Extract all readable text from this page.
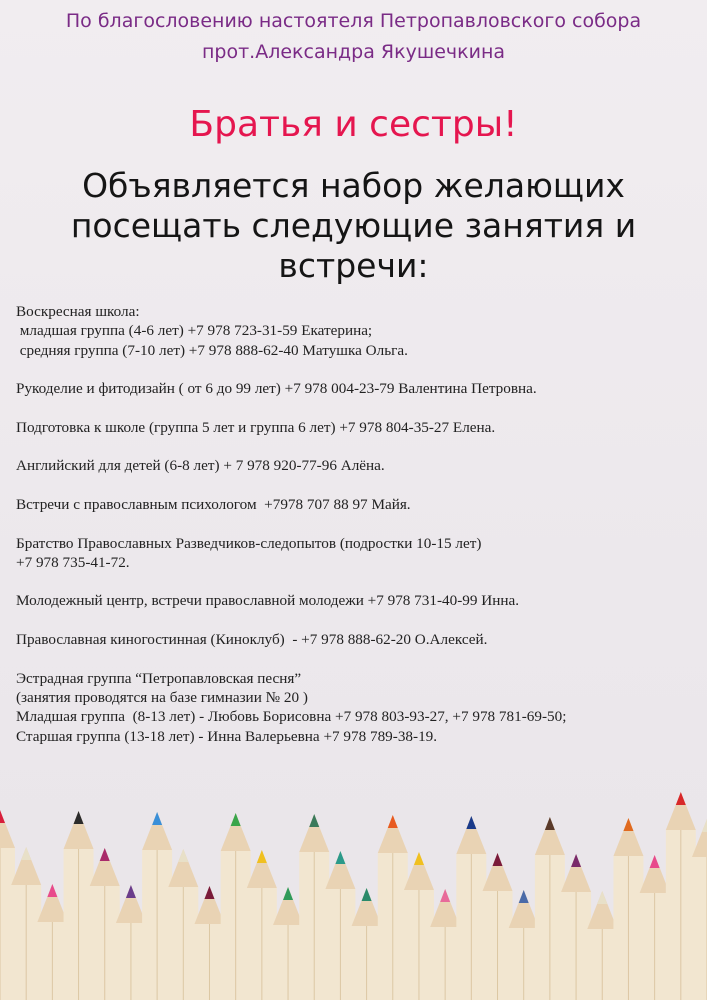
По благословению настоятеля Петропавловского собора
прот.Александра Якушечкина
Братья и сестры!
Объявляется набор желающих
посещать следующие занятия и
встречи:
Воскресная школа:
младшая группа (4-6 лет) +7 978 723-31-59 Екатерина;
средняя группа (7-10 лет) +7 978 888-62-40 Матушка Ольга.
Рукоделие и фитодизайн ( от 6 до 99 лет) +7 978 004-23-79 Валентина Петровна.
Подготовка к школе (группа 5 лет и группа 6 лет) +7 978 804-35-27 Елена.
Английский для детей (6-8 лет) + 7 978 920-77-96 Алёна.
Встречи с православным психологом  +7978 707 88 97 Майя.
Братство Православных Разведчиков-следопытов (подростки 10-15 лет)
+7 978 735-41-72.
Молодежный центр, встречи православной молодежи +7 978 731-40-99 Инна.
Православная киногостинная (Киноклуб)  - +7 978 888-62-20 О.Алексей.
Эстрадная группа “Петропавловская песня”
(занятия проводятся на базе гимназии № 20 )
Младшая группа  (8-13 лет) - Любовь Борисовна +7 978 803-93-27, +7 978 781-69-50;
Старшая группа (13-18 лет) - Инна Валерьевна +7 978 789-38-19.
